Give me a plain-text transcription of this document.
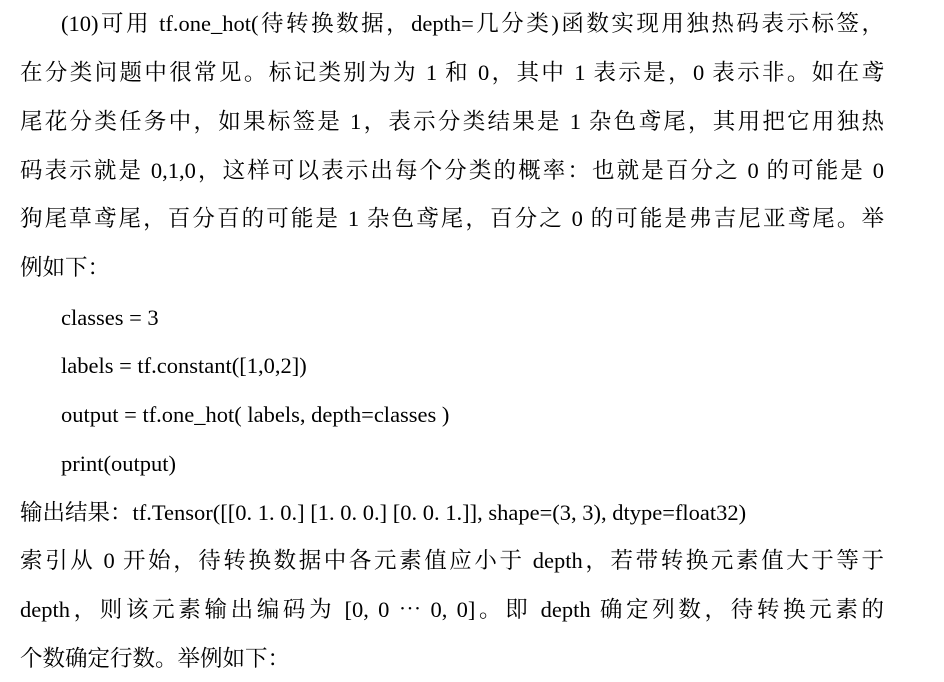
(10)可用 tf.one_hot(待转换数据，depth=几分类)函数实现用独热码表示标签，
在分类问题中很常见。标记类别为为 1 和 0，其中 1 表示是，0 表示非。如在鸢
尾花分类任务中，如果标签是 1，表示分类结果是 1 杂色鸢尾，其用把它用独热
码表示就是 0,1,0，这样可以表示出每个分类的概率：也就是百分之 0 的可能是 0
狗尾草鸢尾，百分百的可能是 1 杂色鸢尾，百分之 0 的可能是弗吉尼亚鸢尾。举
例如下：
classes = 3
labels = tf.constant([1,0,2])
output = tf.one_hot( labels, depth=classes )
print(output)
输出结果：tf.Tensor([[0. 1. 0.] [1. 0. 0.] [0. 0. 1.]], shape=(3, 3), dtype=float32)
索引从 0 开始，待转换数据中各元素值应小于 depth，若带转换元素值大于等于
depth，则该元素输出编码为 [0, 0 ⋯ 0, 0]。即 depth 确定列数，待转换元素的
个数确定行数。举例如下：
